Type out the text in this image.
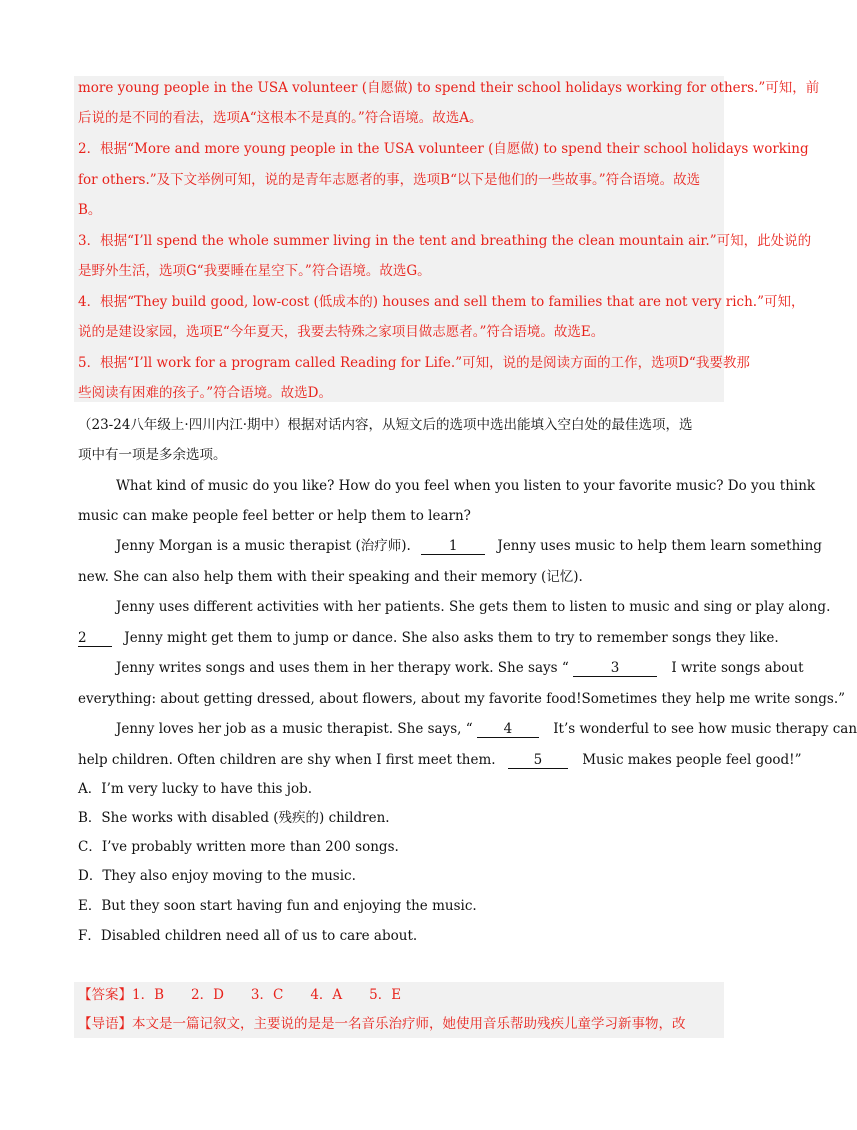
more young people in the USA volunteer (自愿做) to spend their school holidays working for others.”可知，前
后说的是不同的看法，选项A“这根本不是真的。”符合语境。故选A。
2．根据“More and more young people in the USA volunteer (自愿做) to spend their school holidays working
for others.”及下文举例可知，说的是青年志愿者的事，选项B“以下是他们的一些故事。”符合语境。故选
B。
3．根据“I’ll spend the whole summer living in the tent and breathing the clean mountain air.”可知，此处说的
是野外生活，选项G“我要睡在星空下。”符合语境。故选G。
4．根据“They build good, low-cost (低成本的) houses and sell them to families that are not very rich.”可知，
说的是建设家园，选项E“今年夏天，我要去特殊之家项目做志愿者。”符合语境。故选E。
5．根据“I’ll work for a program called Reading for Life.”可知，说的是阅读方面的工作，选项D“我要教那
些阅读有困难的孩子。”符合语境。故选D。
（23-24八年级上·四川内江·期中）根据对话内容，从短文后的选项中选出能填入空白处的最佳选项，选
项中有一项是多余选项。
What kind of music do you like? How do you feel when you listen to your favorite music? Do you think
music can make people feel better or help them to learn?
Jenny Morgan is a music therapist (治疗师).	1	Jenny uses music to help them learn something
new. She can also help them with their speaking and their memory (记忆).
Jenny uses different activities with her patients. She gets them to listen to music and sing or play along.
2	Jenny might get them to jump or dance. She also asks them to try to remember songs they like.
Jenny writes songs and uses them in her therapy work. She says “	3	I write songs about
everything: about getting dressed, about flowers, about my favorite food!Sometimes they help me write songs.”
Jenny loves her job as a music therapist. She says, “ 4	It’s wonderful to see how music therapy can
help children. Often children are shy when I first meet them.	5	Music makes people feel good!”
A．I’m very lucky to have this job.
B．She works with disabled (残疾的) children.
C．I’ve probably written more than 200 songs.
D．They also enjoy moving to the music.
E．But they soon start having fun and enjoying the music.
F．Disabled children need all of us to care about.
【答案】1．B　　2．D　　3．C　　4．A　　5．E
【导语】本文是一篇记叙文，主要说的是是一名音乐治疗师，她使用音乐帮助残疾儿童学习新事物，改
